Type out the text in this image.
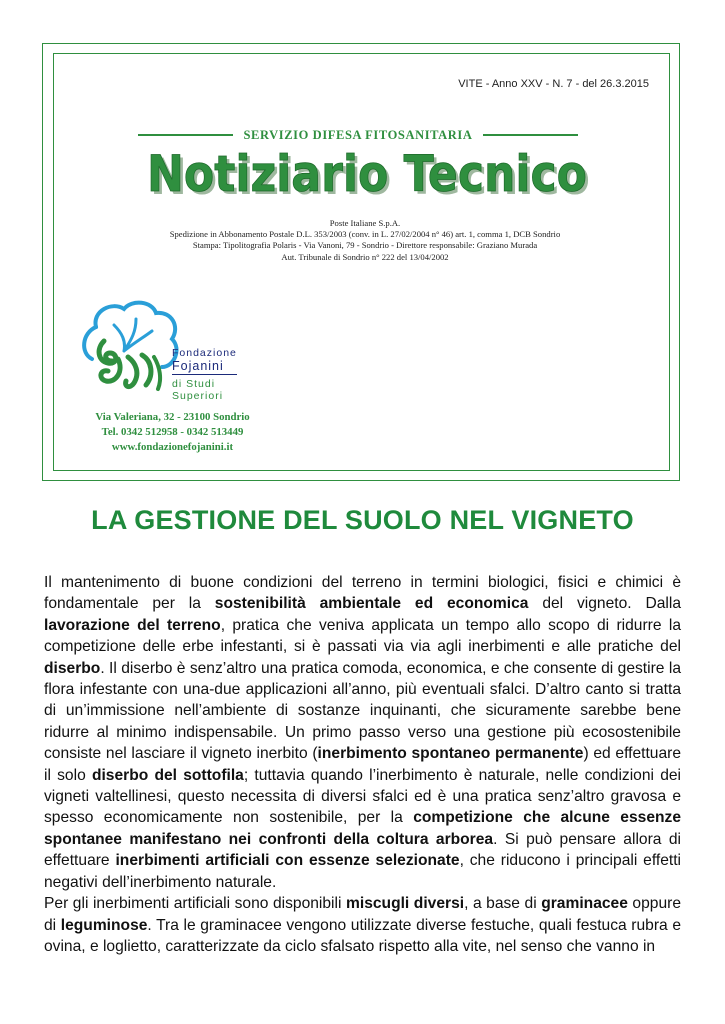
VITE - Anno XXV - N. 7 - del 26.3.2015
SERVIZIO DIFESA FITOSANITARIA
Notiziario Tecnico
Notiziario Tecnico
Poste Italiane S.p.A.
Spedizione in Abbonamento Postale D.L. 353/2003 (conv. in L. 27/02/2004 n° 46) art. 1, comma 1, DCB Sondrio
Stampa: Tipolitografia Polaris - Via Vanoni, 79 - Sondrio - Direttore responsabile: Graziano Murada
Aut. Tribunale di Sondrio n° 222 del 13/04/2002
Fondazione
Fojanini
di Studi
Superiori
Via Valeriana, 32 - 23100 Sondrio
Tel. 0342 512958 - 0342 513449
www.fondazionefojanini.it
LA GESTIONE DEL SUOLO NEL VIGNETO

Il mantenimento di buone condizioni del terreno in termini biologici, fisici e chimici è fondamentale per la sostenibilità ambientale ed economica del vigneto. Dalla lavorazione del terreno, pratica che veniva applicata un tempo allo scopo di ridurre la competizione delle erbe infestanti, si è passati via via agli inerbimenti e alle pratiche del diserbo. Il diserbo è senz’altro una pratica comoda, economica, e che consente di gestire la flora infestante con una-due applicazioni all’anno, più eventuali sfalci. D’altro canto si tratta di un’immissione nell’ambiente di sostanze inquinanti, che sicuramente sarebbe bene ridurre al minimo indispensabile. Un primo passo verso una gestione più ecosostenibile consiste nel lasciare il vigneto inerbito (inerbimento spontaneo permanente) ed effettuare il solo diserbo del sottofila; tuttavia quando l’inerbimento è naturale, nelle condizioni dei vigneti valtellinesi, questo necessita di diversi sfalci ed è una pratica senz’altro gravosa e spesso economicamente non sostenibile, per la competizione che alcune essenze spontanee manifestano nei confronti della coltura arborea. Si può pensare allora di effettuare inerbimenti artificiali con essenze selezionate, che riducono i principali effetti negativi dell’inerbimento naturale.

Per gli inerbimenti artificiali sono disponibili miscugli diversi, a base di graminacee oppure di leguminose. Tra le graminacee vengono utilizzate diverse festuche, quali festuca rubra e ovina, e loglietto, caratterizzate da ciclo sfalsato rispetto alla vite, nel senso che vanno in
